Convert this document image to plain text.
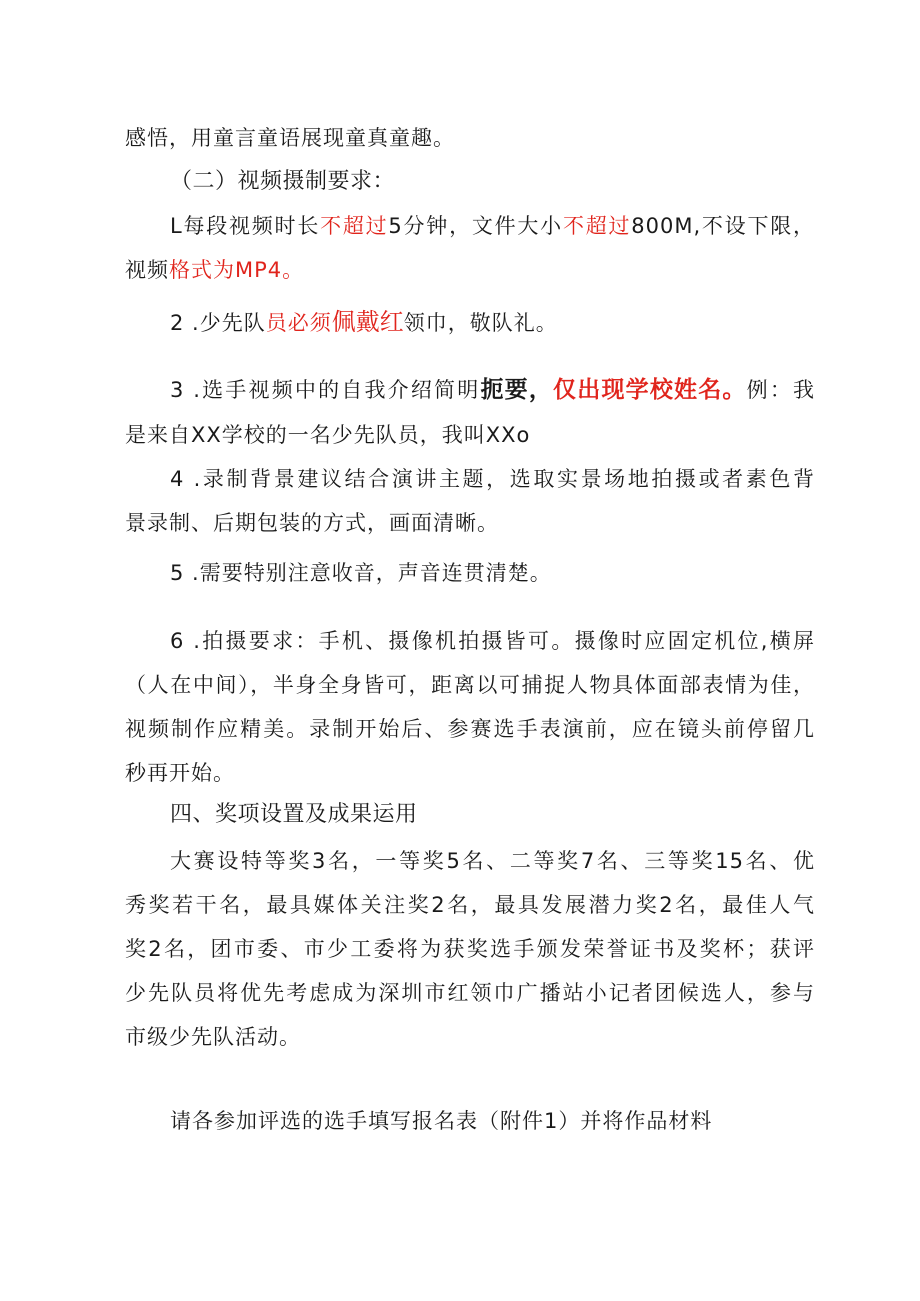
感悟，用童言童语展现童真童趣。
（二）视频摄制要求：
L每段视频时长不超过5分钟，文件大小不超过800M,不设下限，
视频格式为MP4。
2 .少先队员必须佩戴红领巾，敬队礼。
3 .选手视频中的自我介绍简明扼要，仅出现学校姓名。例：我
是来自XX学校的一名少先队员，我叫XXo
4 .录制背景建议结合演讲主题，选取实景场地拍摄或者素色背
景录制、后期包装的方式，画面清晰。
5 .需要特别注意收音，声音连贯清楚。
6 .拍摄要求：手机、摄像机拍摄皆可。摄像时应固定机位,横屏
（人在中间），半身全身皆可，距离以可捕捉人物具体面部表情为佳，
视频制作应精美。录制开始后、参赛选手表演前，应在镜头前停留几
秒再开始。
四、奖项设置及成果运用
大赛设特等奖3名，一等奖5名、二等奖7名、三等奖15名、优
秀奖若干名，最具媒体关注奖2名，最具发展潜力奖2名，最佳人气
奖2名，团市委、市少工委将为获奖选手颁发荣誉证书及奖杯；获评
少先队员将优先考虑成为深圳市红领巾广播站小记者团候选人，参与
市级少先队活动。
请各参加评选的选手填写报名表（附件1）并将作品材料
